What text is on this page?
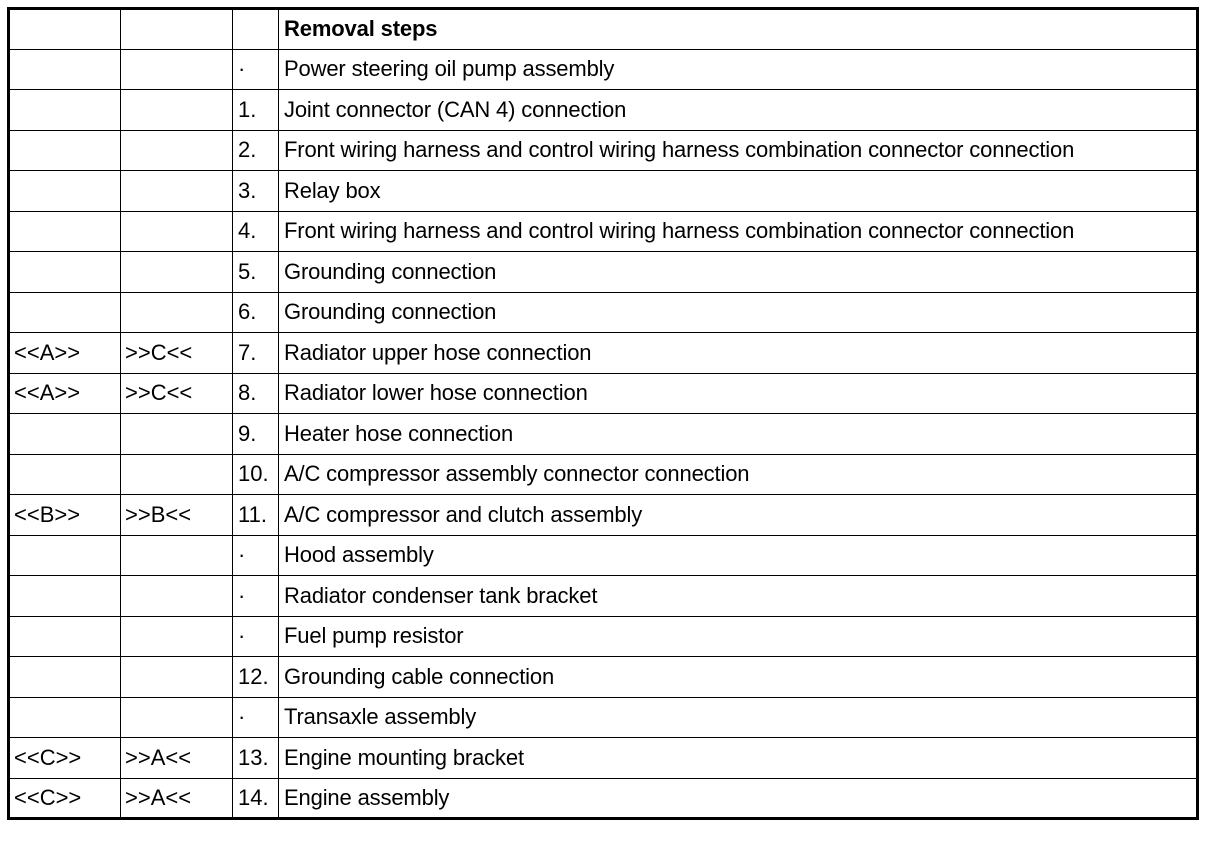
			Removal steps
		·	Power steering oil pump assembly
		1.	Joint connector (CAN 4) connection
		2.	Front wiring harness and control wiring harness combination connector connection
		3.	Relay box
		4.	Front wiring harness and control wiring harness combination connector connection
		5.	Grounding connection
		6.	Grounding connection
<<A>>	>>C<<	7.	Radiator upper hose connection
<<A>>	>>C<<	8.	Radiator lower hose connection
		9.	Heater hose connection
		10.	A/C compressor assembly connector connection
<<B>>	>>B<<	11.	A/C compressor and clutch assembly
		·	Hood assembly
		·	Radiator condenser tank bracket
		·	Fuel pump resistor
		12.	Grounding cable connection
		·	Transaxle assembly
<<C>>	>>A<<	13.	Engine mounting bracket
<<C>>	>>A<<	14.	Engine assembly
